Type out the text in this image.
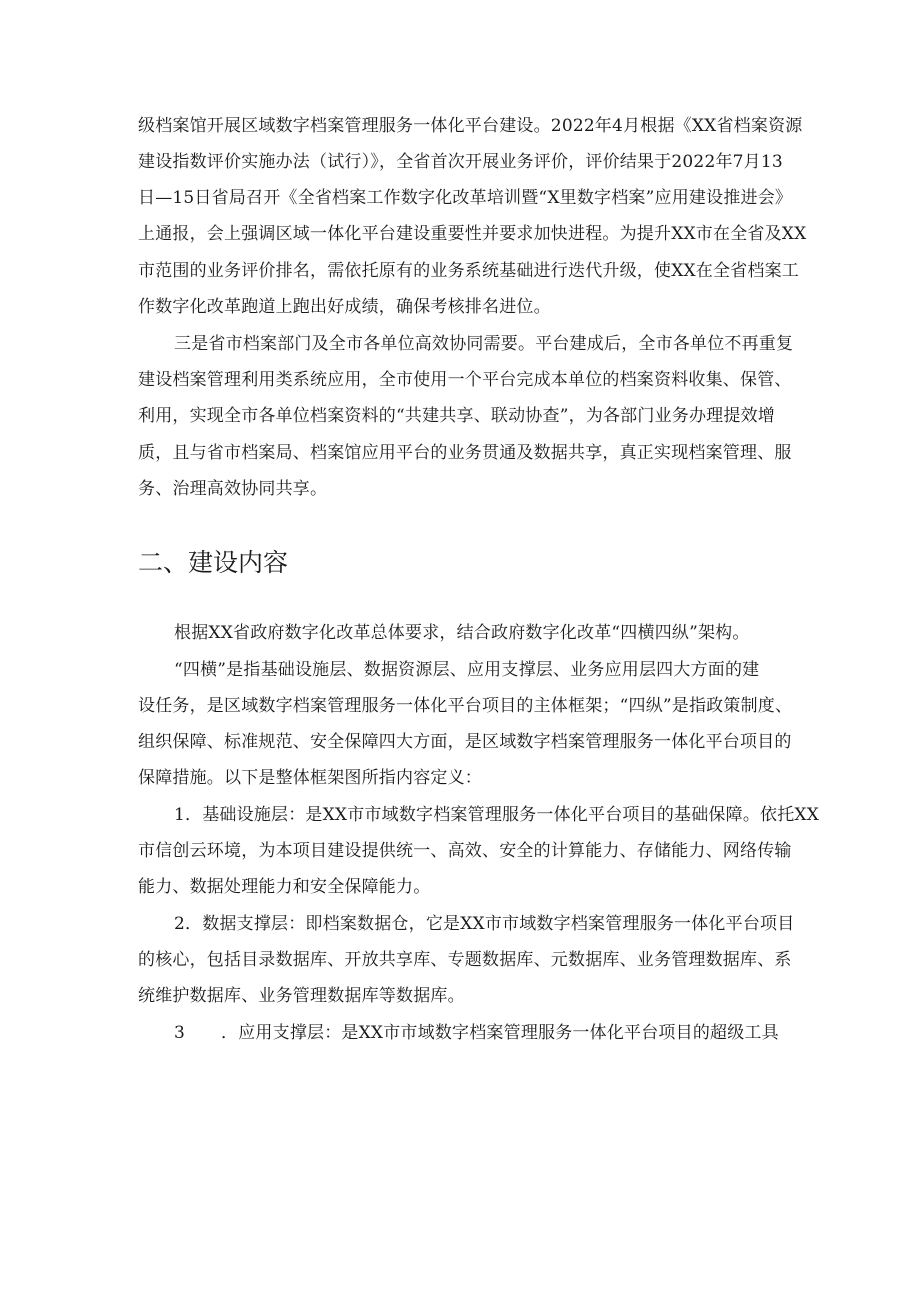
级档案馆开展区域数字档案管理服务一体化平台建设。2022年4月根据《XX省档案资源
建设指数评价实施办法（试行）》，全省首次开展业务评价，评价结果于2022年7月13
日—15日省局召开《全省档案工作数字化改革培训暨“X里数字档案”应用建设推进会》
上通报，会上强调区域一体化平台建设重要性并要求加快进程。为提升XX市在全省及XX
市范围的业务评价排名，需依托原有的业务系统基础进行迭代升级，使XX在全省档案工
作数字化改革跑道上跑出好成绩，确保考核排名进位。
三是省市档案部门及全市各单位高效协同需要。平台建成后，全市各单位不再重复
建设档案管理利用类系统应用，全市使用一个平台完成本单位的档案资料收集、保管、
利用，实现全市各单位档案资料的“共建共享、联动协查”，为各部门业务办理提效增
质，且与省市档案局、档案馆应用平台的业务贯通及数据共享，真正实现档案管理、服
务、治理高效协同共享。
二、建设内容
根据XX省政府数字化改革总体要求，结合政府数字化改革“四横四纵”架构。
“四横”是指基础设施层、数据资源层、应用支撑层、业务应用层四大方面的建
设任务，是区域数字档案管理服务一体化平台项目的主体框架；“四纵”是指政策制度、
组织保障、标准规范、安全保障四大方面，是区域数字档案管理服务一体化平台项目的
保障措施。以下是整体框架图所指内容定义：
1．基础设施层：是XX市市域数字档案管理服务一体化平台项目的基础保障。依托XX
市信创云环境，为本项目建设提供统一、高效、安全的计算能力、存储能力、网络传输
能力、数据处理能力和安全保障能力。
2．数据支撑层：即档案数据仓，它是XX市市域数字档案管理服务一体化平台项目
的核心，包括目录数据库、开放共享库、专题数据库、元数据库、业务管理数据库、系
统维护数据库、业务管理数据库等数据库。
3 ．应用支撑层：是XX市市域数字档案管理服务一体化平台项目的超级工具
